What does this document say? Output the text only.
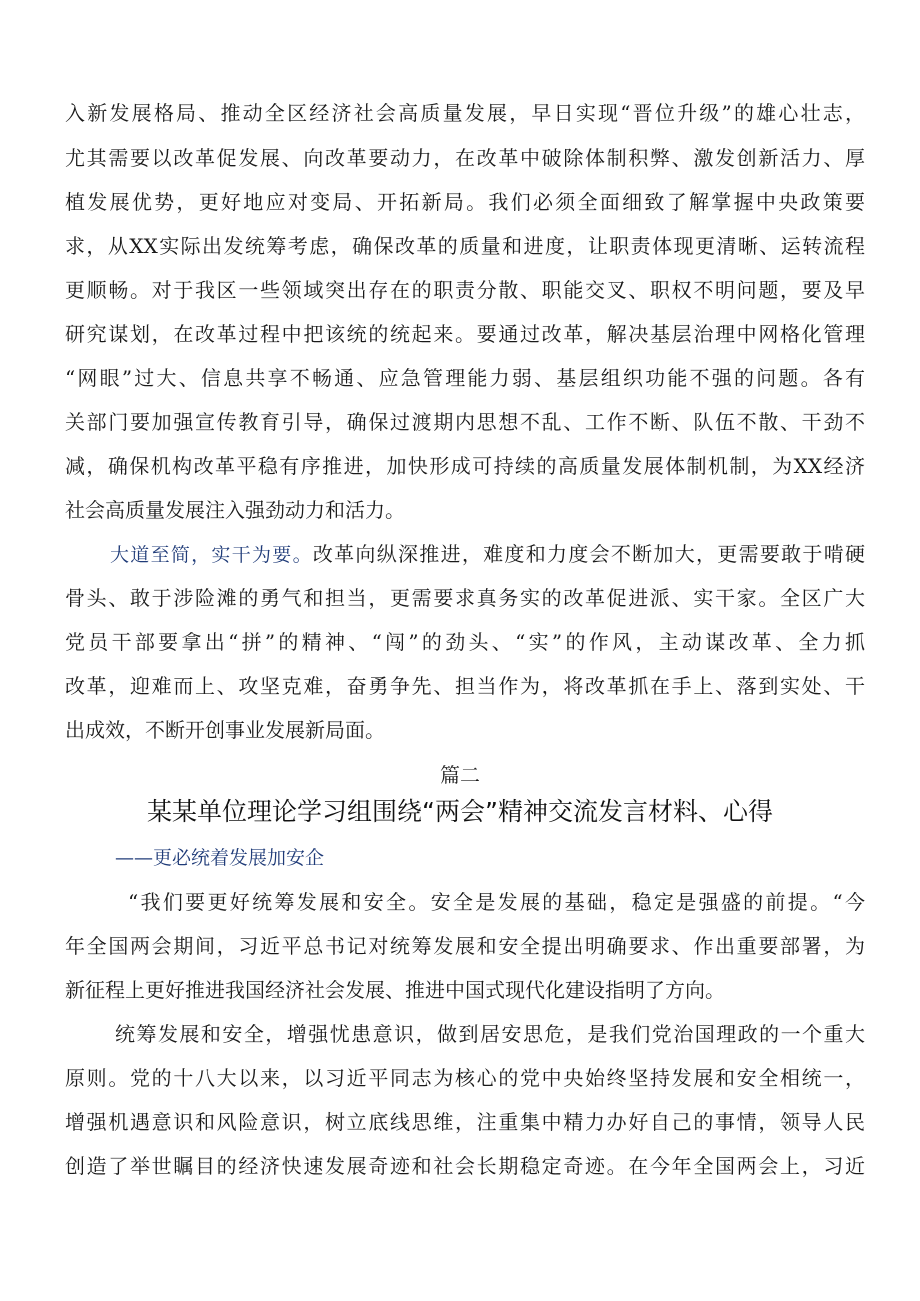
入新发展格局、推动全区经济社会高质量发展，早日实现“晋位升级”的雄心壮志，
尤其需要以改革促发展、向改革要动力，在改革中破除体制积弊、激发创新活力、厚
植发展优势，更好地应对变局、开拓新局。我们必须全面细致了解掌握中央政策要
求，从XX实际出发统筹考虑，确保改革的质量和进度，让职责体现更清晰、运转流程
更顺畅。对于我区一些领域突出存在的职责分散、职能交叉、职权不明问题，要及早
研究谋划，在改革过程中把该统的统起来。要通过改革，解决基层治理中网格化管理
“网眼”过大、信息共享不畅通、应急管理能力弱、基层组织功能不强的问题。各有
关部门要加强宣传教育引导，确保过渡期内思想不乱、工作不断、队伍不散、干劲不
减，确保机构改革平稳有序推进，加快形成可持续的高质量发展体制机制，为XX经济
社会高质量发展注入强劲动力和活力。
大道至简，实干为要。改革向纵深推进，难度和力度会不断加大，更需要敢于啃硬
骨头、敢于涉险滩的勇气和担当，更需要求真务实的改革促进派、实干家。全区广大
党员干部要拿出“拼”的精神、“闯”的劲头、“实”的作风，主动谋改革、全力抓
改革，迎难而上、攻坚克难，奋勇争先、担当作为，将改革抓在手上、落到实处、干
出成效，不断开创事业发展新局面。
篇二
某某单位理论学习组围绕“两会”精神交流发言材料、心得
——更必统着发展加安企
“我们要更好统筹发展和安全。安全是发展的基础，稳定是强盛的前提。“今
年全国两会期间，习近平总书记对统筹发展和安全提出明确要求、作出重要部署，为
新征程上更好推进我国经济社会发展、推进中国式现代化建设指明了方向。
统筹发展和安全，增强忧患意识，做到居安思危，是我们党治国理政的一个重大
原则。党的十八大以来，以习近平同志为核心的党中央始终坚持发展和安全相统一，
增强机遇意识和风险意识，树立底线思维，注重集中精力办好自己的事情，领导人民
创造了举世瞩目的经济快速发展奇迹和社会长期稳定奇迹。在今年全国两会上，习近
